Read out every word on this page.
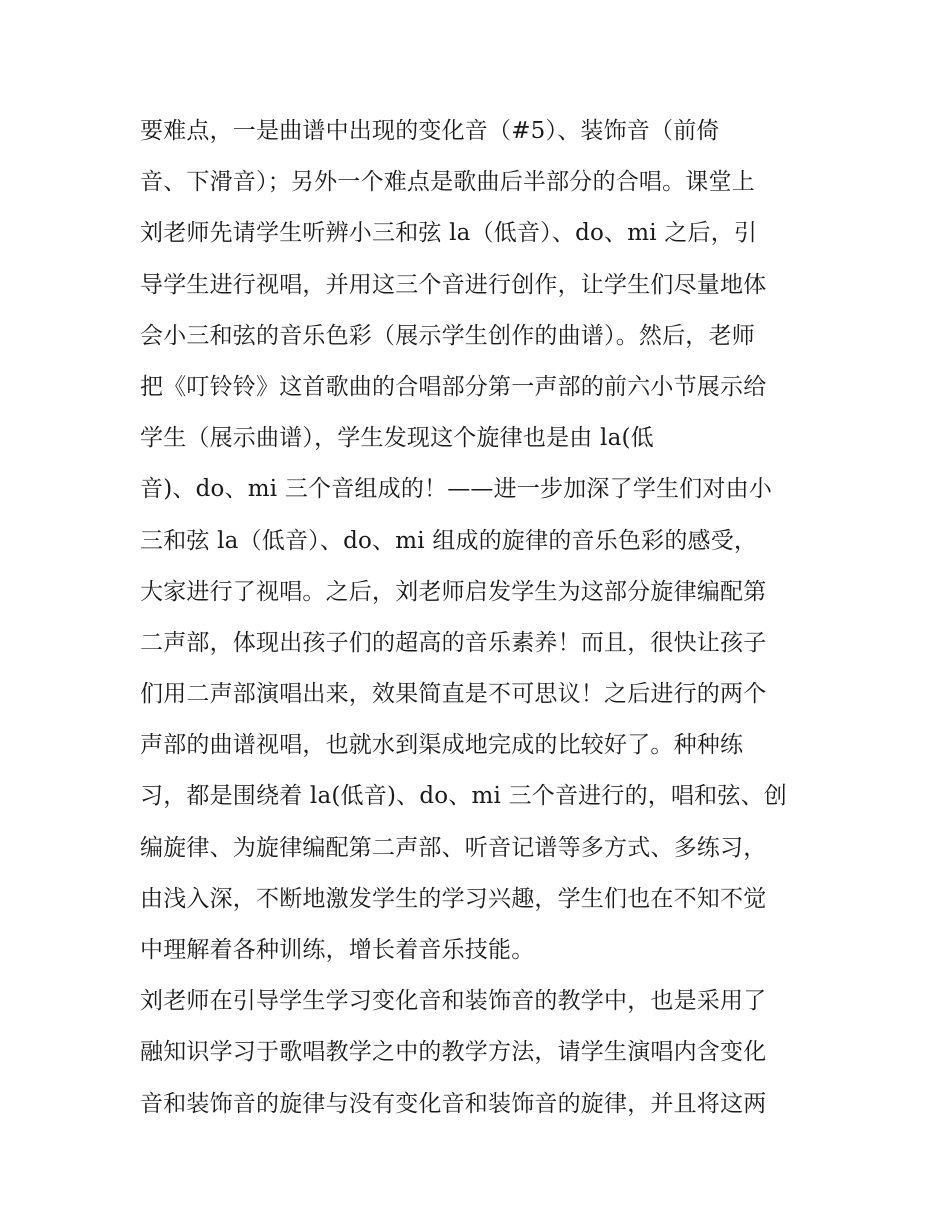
要难点，一是曲谱中出现的变化音（#5）、装饰音（前倚
音、下滑音）；另外一个难点是歌曲后半部分的合唱。课堂上
刘老师先请学生听辨小三和弦 la（低音）、do、mi 之后，引
导学生进行视唱，并用这三个音进行创作，让学生们尽量地体
会小三和弦的音乐色彩（展示学生创作的曲谱）。然后，老师
把《叮铃铃》这首歌曲的合唱部分第一声部的前六小节展示给
学生（展示曲谱），学生发现这个旋律也是由 la(低
音)、do、mi 三个音组成的！——进一步加深了学生们对由小
三和弦 la（低音）、do、mi 组成的旋律的音乐色彩的感受，
大家进行了视唱。之后，刘老师启发学生为这部分旋律编配第
二声部，体现出孩子们的超高的音乐素养！而且，很快让孩子
们用二声部演唱出来，效果简直是不可思议！之后进行的两个
声部的曲谱视唱，也就水到渠成地完成的比较好了。种种练
习，都是围绕着 la(低音)、do、mi 三个音进行的，唱和弦、创
编旋律、为旋律编配第二声部、听音记谱等多方式、多练习，
由浅入深，不断地激发学生的学习兴趣，学生们也在不知不觉
中理解着各种训练，增长着音乐技能。
刘老师在引导学生学习变化音和装饰音的教学中，也是采用了
融知识学习于歌唱教学之中的教学方法，请学生演唱内含变化
音和装饰音的旋律与没有变化音和装饰音的旋律，并且将这两
